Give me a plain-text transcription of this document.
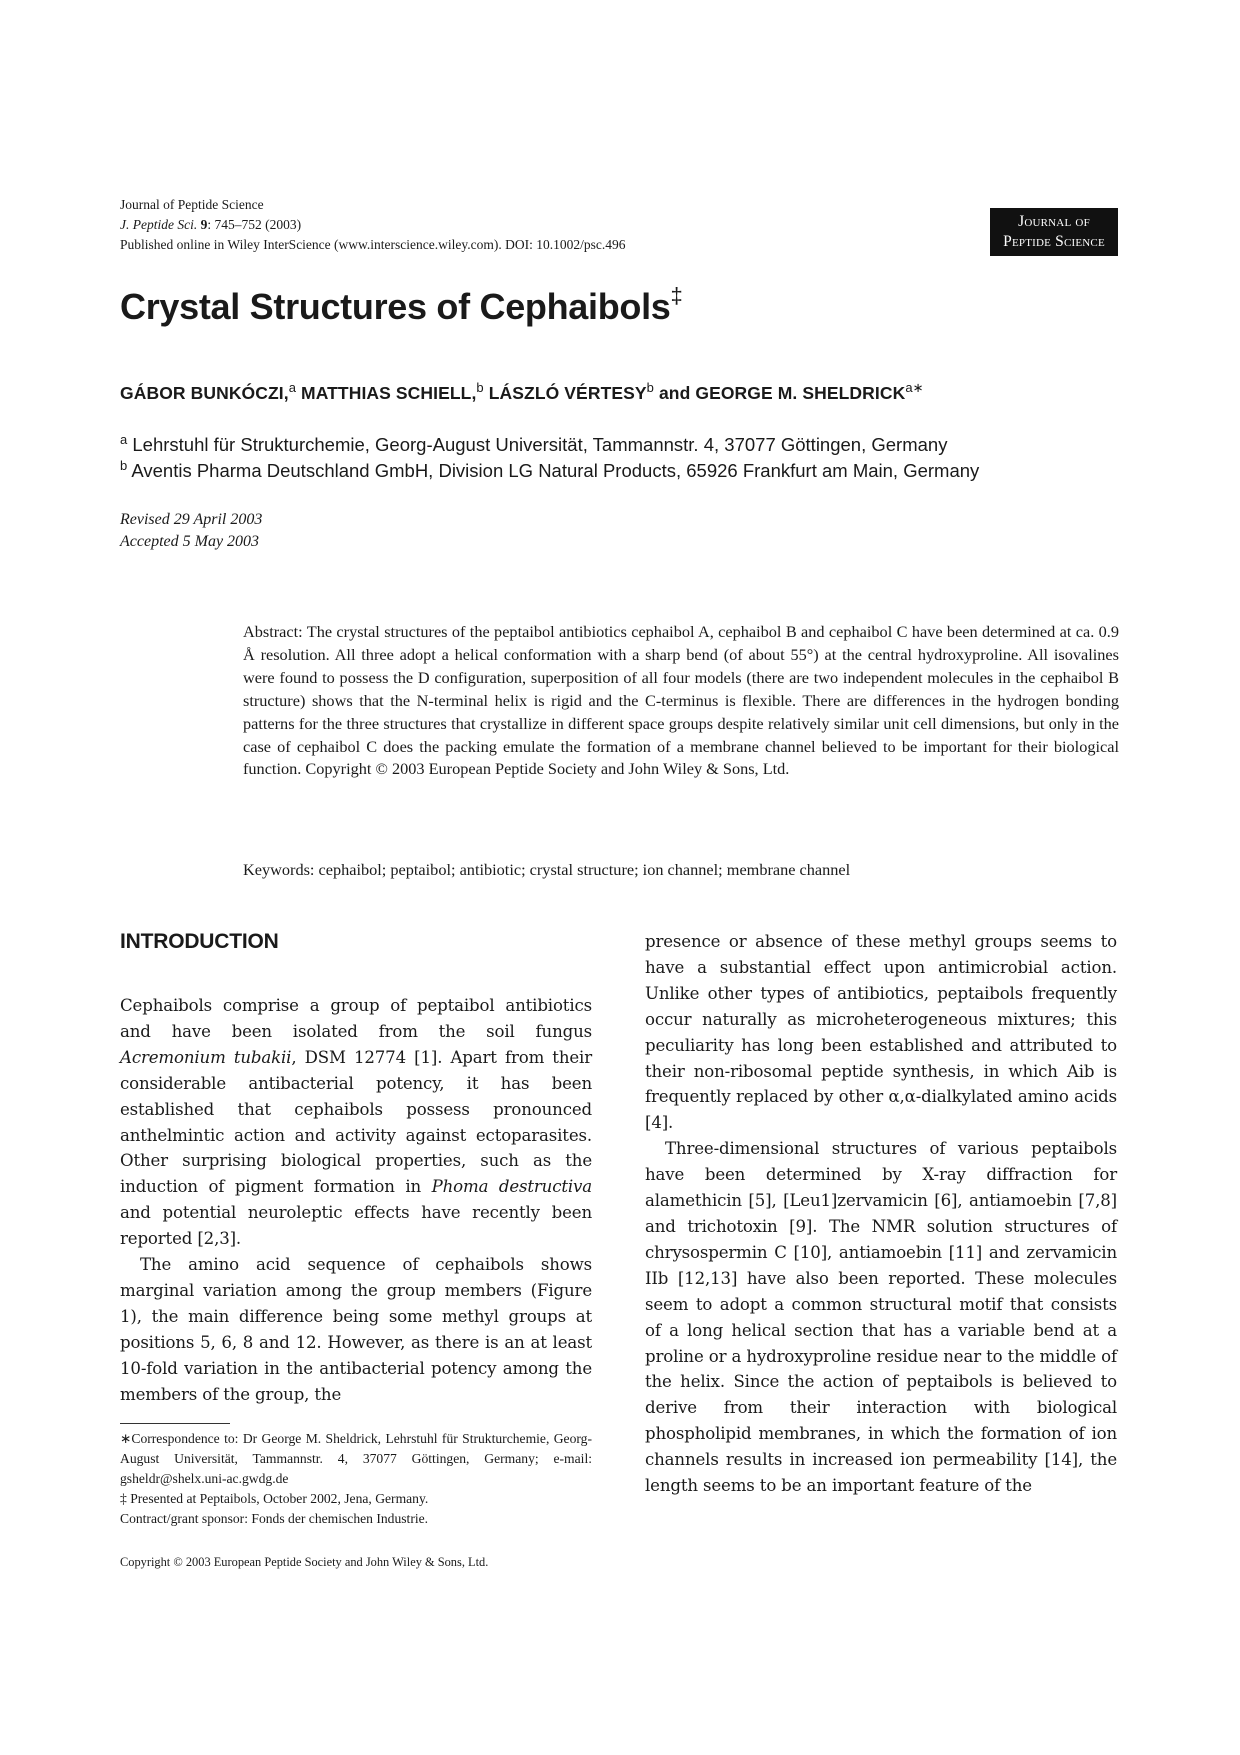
Journal of Peptide Science
J. Peptide Sci. 9: 745–752 (2003)
Published online in Wiley InterScience (www.interscience.wiley.com). DOI: 10.1002/psc.496
Journal of
Peptide Science
Crystal Structures of Cephaibols‡
GÁBOR BUNKÓCZI,$^a$ MATTHIAS SCHIELL,$^b$ LÁSZLÓ VÉRTESY$^b$ and GEORGE M. $SHELDRICK^{a∗}$
$^a$ Lehrstuhl für Strukturchemie, Georg-August Universität, Tammannstr. 4, 37077 Göttingen, Germany
$^b$ Aventis Pharma Deutschland GmbH, Division LG Natural Products, 65926 Frankfurt am Main, Germany
Revised 29 April 2003
Accepted 5 May 2003
Abstract: The crystal structures of the peptaibol antibiotics cephaibol A, cephaibol B and cephaibol C have been determined at ca. 0.9 Å resolution. All three adopt a helical conformation with a sharp bend (of about 55°) at the central hydroxyproline. All isovalines were found to possess the D configuration, superposition of all four models (there are two independent molecules in the cephaibol B structure) shows that the N-terminal helix is rigid and the C-terminus is flexible. There are differences in the hydrogen bonding patterns for the three structures that crystallize in different space groups despite relatively similar unit cell dimensions, but only in the case of cephaibol C does the packing emulate the formation of a membrane channel believed to be important for their biological function. Copyright © 2003 European Peptide Society and John Wiley & Sons, Ltd.
Keywords: cephaibol; peptaibol; antibiotic; crystal structure; ion channel; membrane channel
INTRODUCTION

Cephaibols comprise a group of peptaibol antibiotics and have been isolated from the soil fungus Acremonium tubakii, DSM 12774 [1]. Apart from their considerable antibacterial potency, it has been established that cephaibols possess pronounced anthelmintic action and activity against ectoparasites. Other surprising biological properties, such as the induction of pigment formation in Phoma destructiva and potential neuroleptic effects have recently been reported [2,3].

The amino acid sequence of cephaibols shows marginal variation among the group members (Figure 1), the main difference being some methyl groups at positions 5, 6, 8 and 12. However, as there is an at least 10-fold variation in the antibacterial potency among the members of the group, the

presence or absence of these methyl groups seems to have a substantial effect upon antimicrobial action. Unlike other types of antibiotics, peptaibols frequently occur naturally as microheterogeneous mixtures; this peculiarity has long been established and attributed to their non-ribosomal peptide synthesis, in which Aib is frequently replaced by other α,α-dialkylated amino acids [4].

Three-dimensional structures of various peptaibols have been determined by X-ray diffraction for alamethicin [5], [Leu1]zervamicin [6], antiamoebin [7,8] and trichotoxin [9]. The NMR solution structures of chrysospermin C [10], antiamoebin [11] and zervamicin IIb [12,13] have also been reported. These molecules seem to adopt a common structural motif that consists of a long helical section that has a variable bend at a proline or a hydroxyproline residue near to the middle of the helix. Since the action of peptaibols is believed to derive from their interaction with biological phospholipid membranes, in which the formation of ion channels results in increased ion permeability [14], the length seems to be an important feature of the

∗Correspondence to: Dr George M. Sheldrick, Lehrstuhl für Strukturchemie, Georg-August Universität, Tammannstr. 4, 37077 Göttingen, Germany; e-mail: gsheldr@shelx.uni-ac.gwdg.de

‡ Presented at Peptaibols, October 2002, Jena, Germany.

Contract/grant sponsor: Fonds der chemischen Industrie.

Copyright © 2003 European Peptide Society and John Wiley & Sons, Ltd.
